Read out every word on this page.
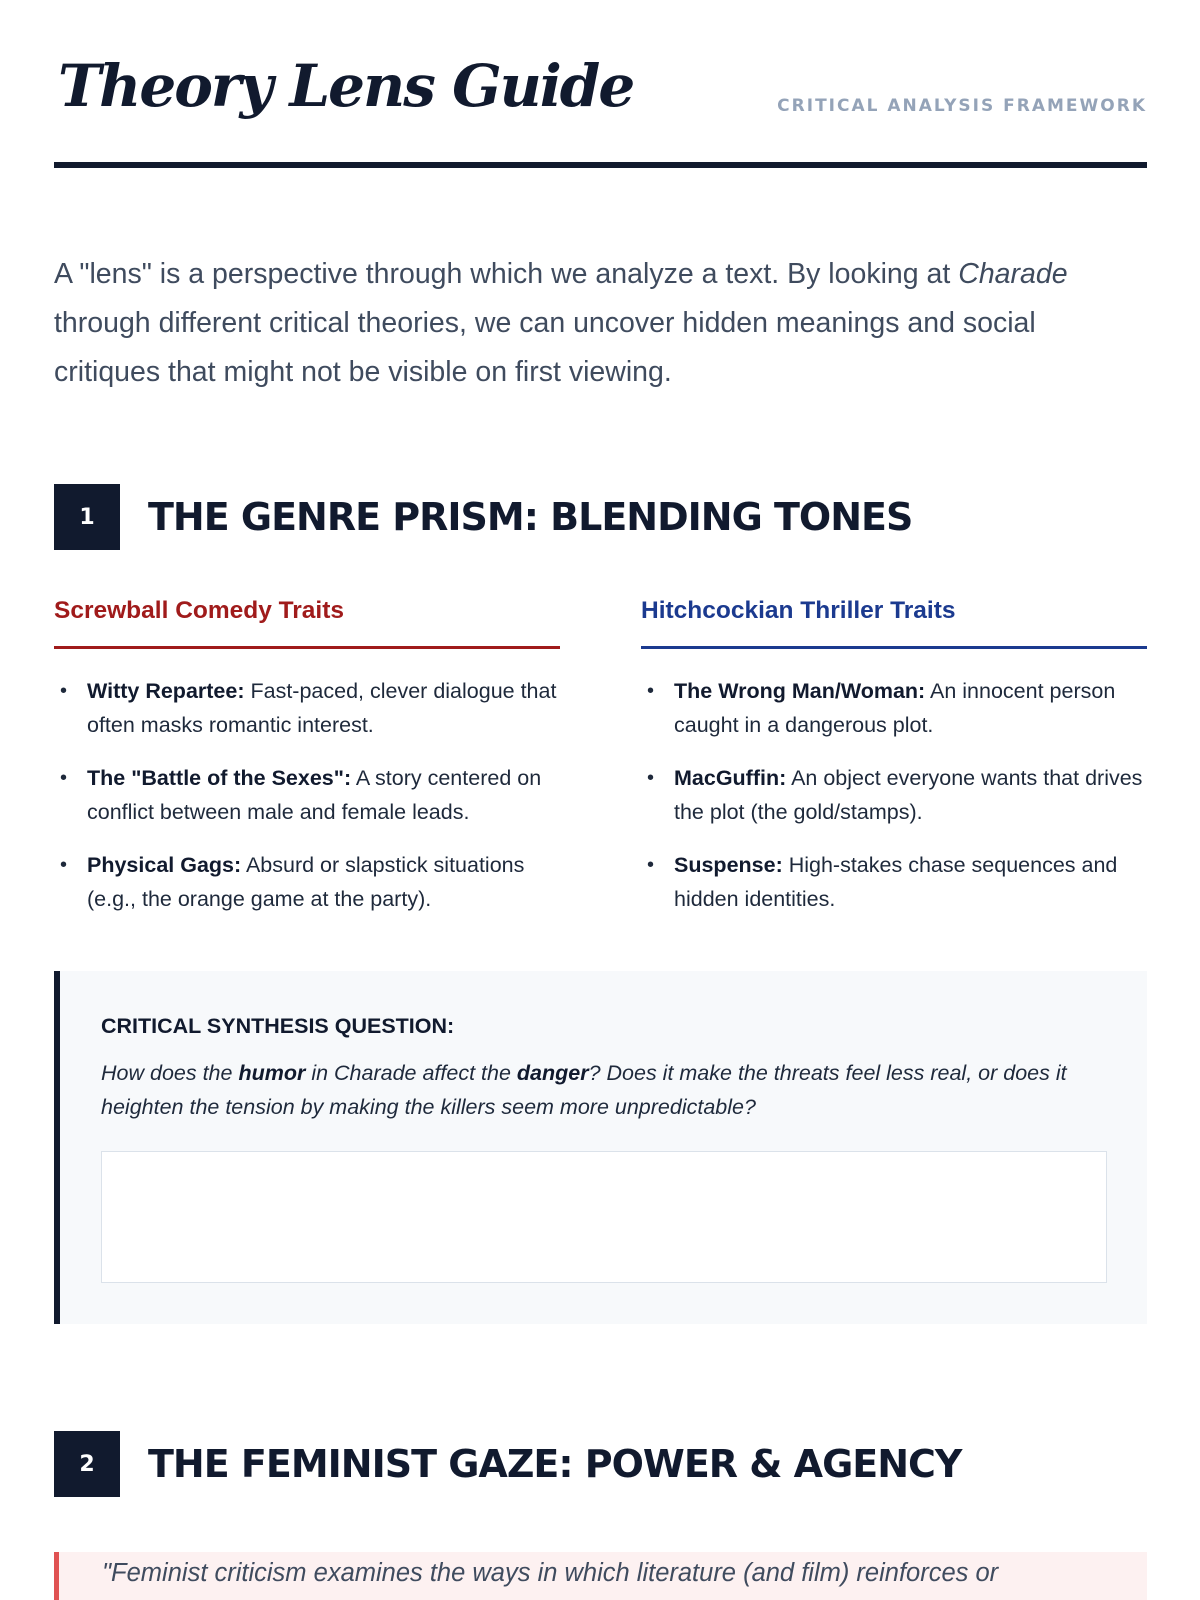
Theory Lens Guide	CRITICAL ANALYSIS FRAMEWORK

A "lens" is a perspective through which we analyze a text. By looking at Charade through different critical theories, we can uncover hidden meanings and social critiques that might not be visible on first viewing.

1	THE GENRE PRISM: BLENDING TONES
Screwball Comedy Traits
• Witty Repartee: Fast-paced, clever dialogue that often masks romantic interest.
• The "Battle of the Sexes": A story centered on conflict between male and female leads.
• Physical Gags: Absurd or slapstick situations (e.g., the orange game at the party).
Hitchcockian Thriller Traits
• The Wrong Man/Woman: An innocent person caught in a dangerous plot.
• MacGuffin: An object everyone wants that drives the plot (the gold/stamps).
• Suspense: High-stakes chase sequences and hidden identities.
CRITICAL SYNTHESIS QUESTION:

How does the humor in Charade affect the danger? Does it make the threats feel less real, or does it heighten the tension by making the killers seem more unpredictable?

2	THE FEMINIST GAZE: POWER & AGENCY
"Feminist criticism examines the ways in which literature (and film) reinforces or
